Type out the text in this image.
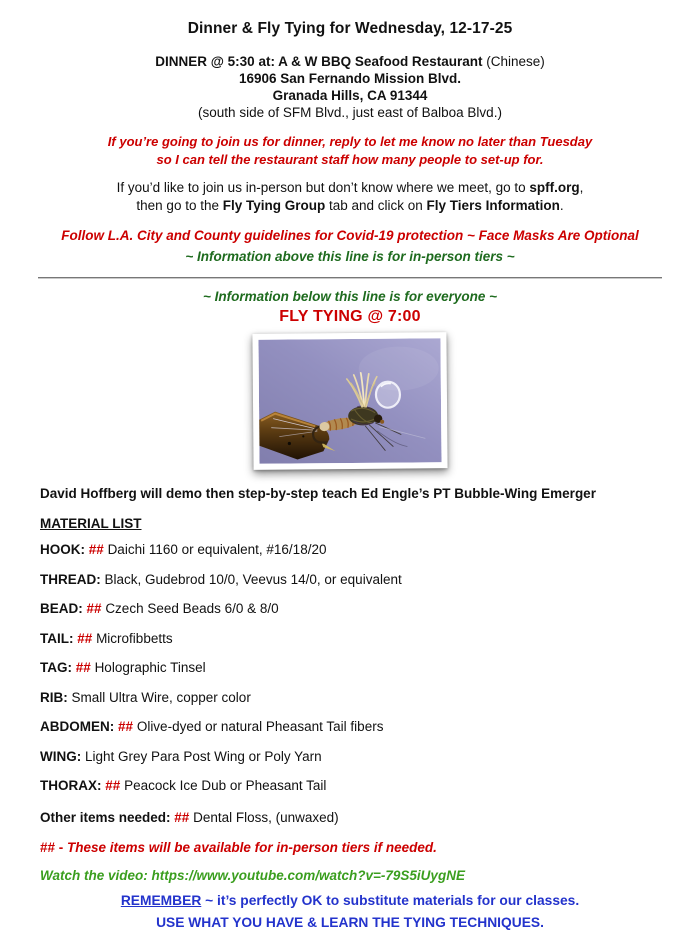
Dinner & Fly Tying for Wednesday, 12-17-25
DINNER @ 5:30 at: A & W BBQ Seafood Restaurant (Chinese)
16906 San Fernando Mission Blvd.
Granada Hills, CA 91344
(south side of SFM Blvd., just east of Balboa Blvd.)
If you’re going to join us for dinner, reply to let me know no later than Tuesday
so I can tell the restaurant staff how many people to set-up for.
If you’d like to join us in-person but don’t know where we meet, go to spff.org,
then go to the Fly Tying Group tab and click on Fly Tiers Information.
Follow L.A. City and County guidelines for Covid-19 protection ~ Face Masks Are Optional
~ Information above this line is for in-person tiers ~
~ Information below this line is for everyone ~
FLY TYING @ 7:00
David Hoffberg will demo then step-by-step teach Ed Engle’s PT Bubble-Wing Emerger
MATERIAL LIST

HOOK: ## Daichi 1160 or equivalent, #16/18/20

THREAD: Black, Gudebrod 10/0, Veevus 14/0, or equivalent

BEAD: ## Czech Seed Beads 6/0 & 8/0

TAIL: ## Microfibbetts

TAG: ## Holographic Tinsel

RIB: Small Ultra Wire, copper color

ABDOMEN: ## Olive-dyed or natural Pheasant Tail fibers

WING: Light Grey Para Post Wing or Poly Yarn

THORAX: ## Peacock Ice Dub or Pheasant Tail

Other items needed: ## Dental Floss, (unwaxed)

## - These items will be available for in-person tiers if needed.
Watch the video: https://www.youtube.com/watch?v=-79S5iUygNE
REMEMBER ~ it’s perfectly OK to substitute materials for our classes.
USE WHAT YOU HAVE & LEARN THE TYING TECHNIQUES.
